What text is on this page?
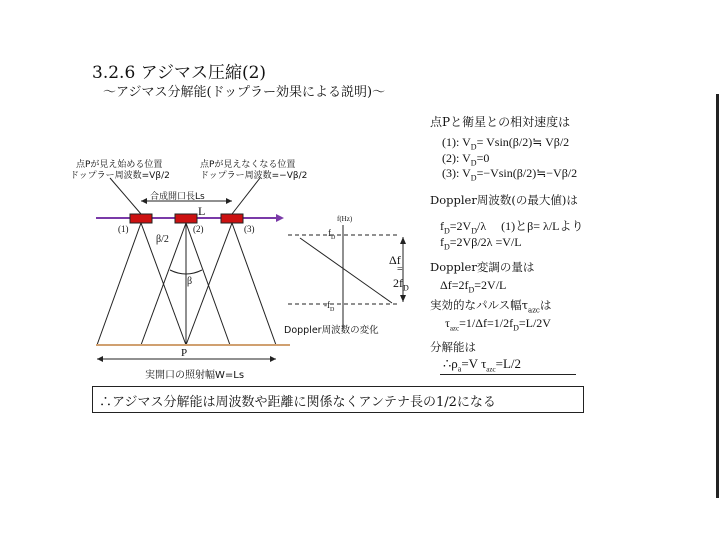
3.2.6 アジマス圧縮(2)
〜アジマス分解能(ドップラー効果による説明)〜
点Pが見え始める位置
ドップラー周波数=Vβ/2
点Pが見えなくなる位置
ドップラー周波数=−Vβ/2
合成開口長Ls
L
(1)	(2)	(3)
β/2
β
P
実開口の照射幅W=Ls
f(Hz)
$f_D$
$-f_D$
Δf
=
$2f_D$
Doppler周波数の変化
点Pと衛星との相対速度は
(1): $V_D=$ Vsin(β/2)≒ Vβ/2
(2): $V_D=0$
(3): $V_D=-Vsin(\beta/2)≒-V\beta/2$
Doppler周波数(の最大値)は
$f_D=2V_D/\lambda$　 (1)とβ= λ/Lより
$f_D=2V\beta/2\lambda =V/L$
Doppler変調の量は
$\Delta f=2f_D=2V/L$
実効的なパルス幅$\tau_{azc}$は
$\tau_{azc}=1/\Delta f=1/2f_D=L/2V$
分解能は
$\therefore\rho_a=V$ $\tau_{azc}=L/2$
∴アジマス分解能は周波数や距離に関係なくアンテナ長の1/2になる
